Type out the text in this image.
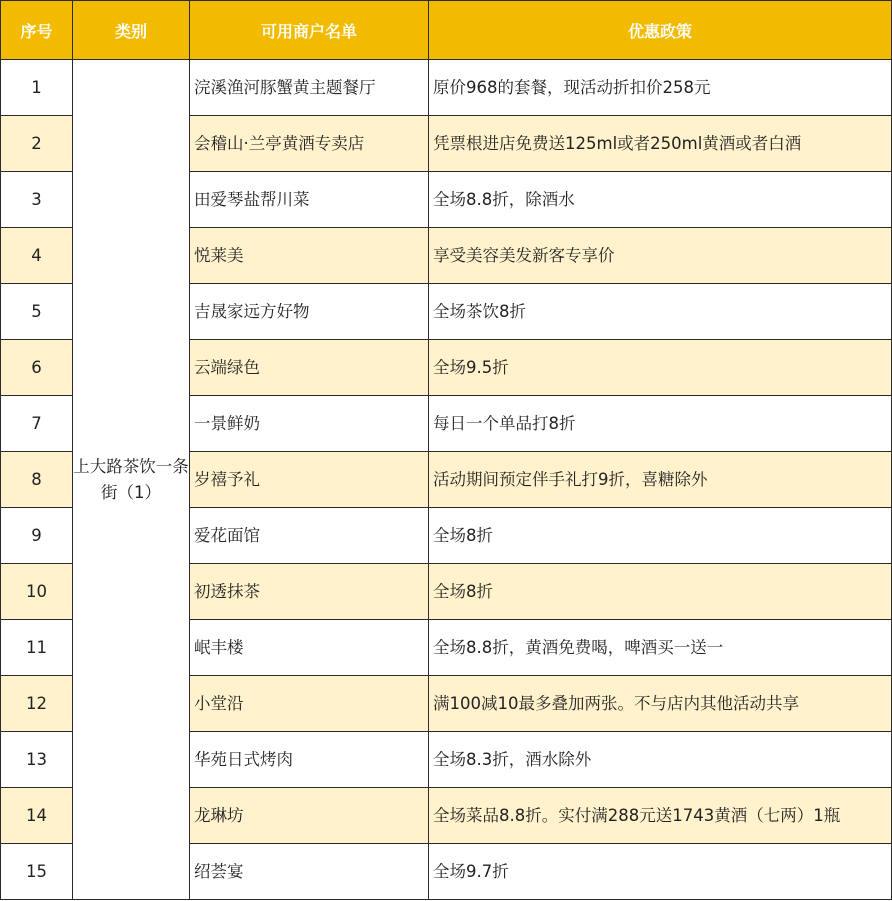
序号	类别	可用商户名单	优惠政策
1	上大路茶饮一条街（1）	浣溪渔河豚蟹黄主题餐厅	原价968的套餐，现活动折扣价258元
2		会稽山·兰亭黄酒专卖店	凭票根进店免费送125ml或者250ml黄酒或者白酒
3		田爱琴盐帮川菜	全场8.8折，除酒水
4		悦莱美	享受美容美发新客专享价
5		吉晟家远方好物	全场茶饮8折
6		云端绿色	全场9.5折
7		一景鲜奶	每日一个单品打8折
8		岁禧予礼	活动期间预定伴手礼打9折，喜糖除外
9		爱花面馆	全场8折
10		初透抹茶	全场8折
11		岷丰楼	全场8.8折，黄酒免费喝，啤酒买一送一
12		小堂沿	满100减10最多叠加两张。不与店内其他活动共享
13		华苑日式烤肉	全场8.3折，酒水除外
14		龙琳坊	全场菜品8.8折。实付满288元送1743黄酒（七两）1瓶
15		绍荟宴	全场9.7折
